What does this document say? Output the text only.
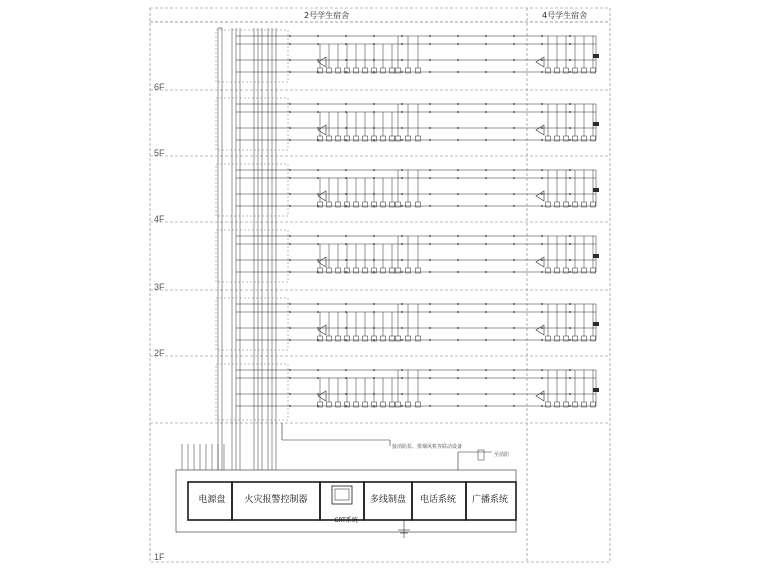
2号学生宿舍	4号学生宿舍
6F
5F
4F
3F
2F
1F
电源盘	火灾报警控制器
CRT系统
多线制盘	电话系统	广播系统
接消防泵、排烟风机等联动设备
至消防
